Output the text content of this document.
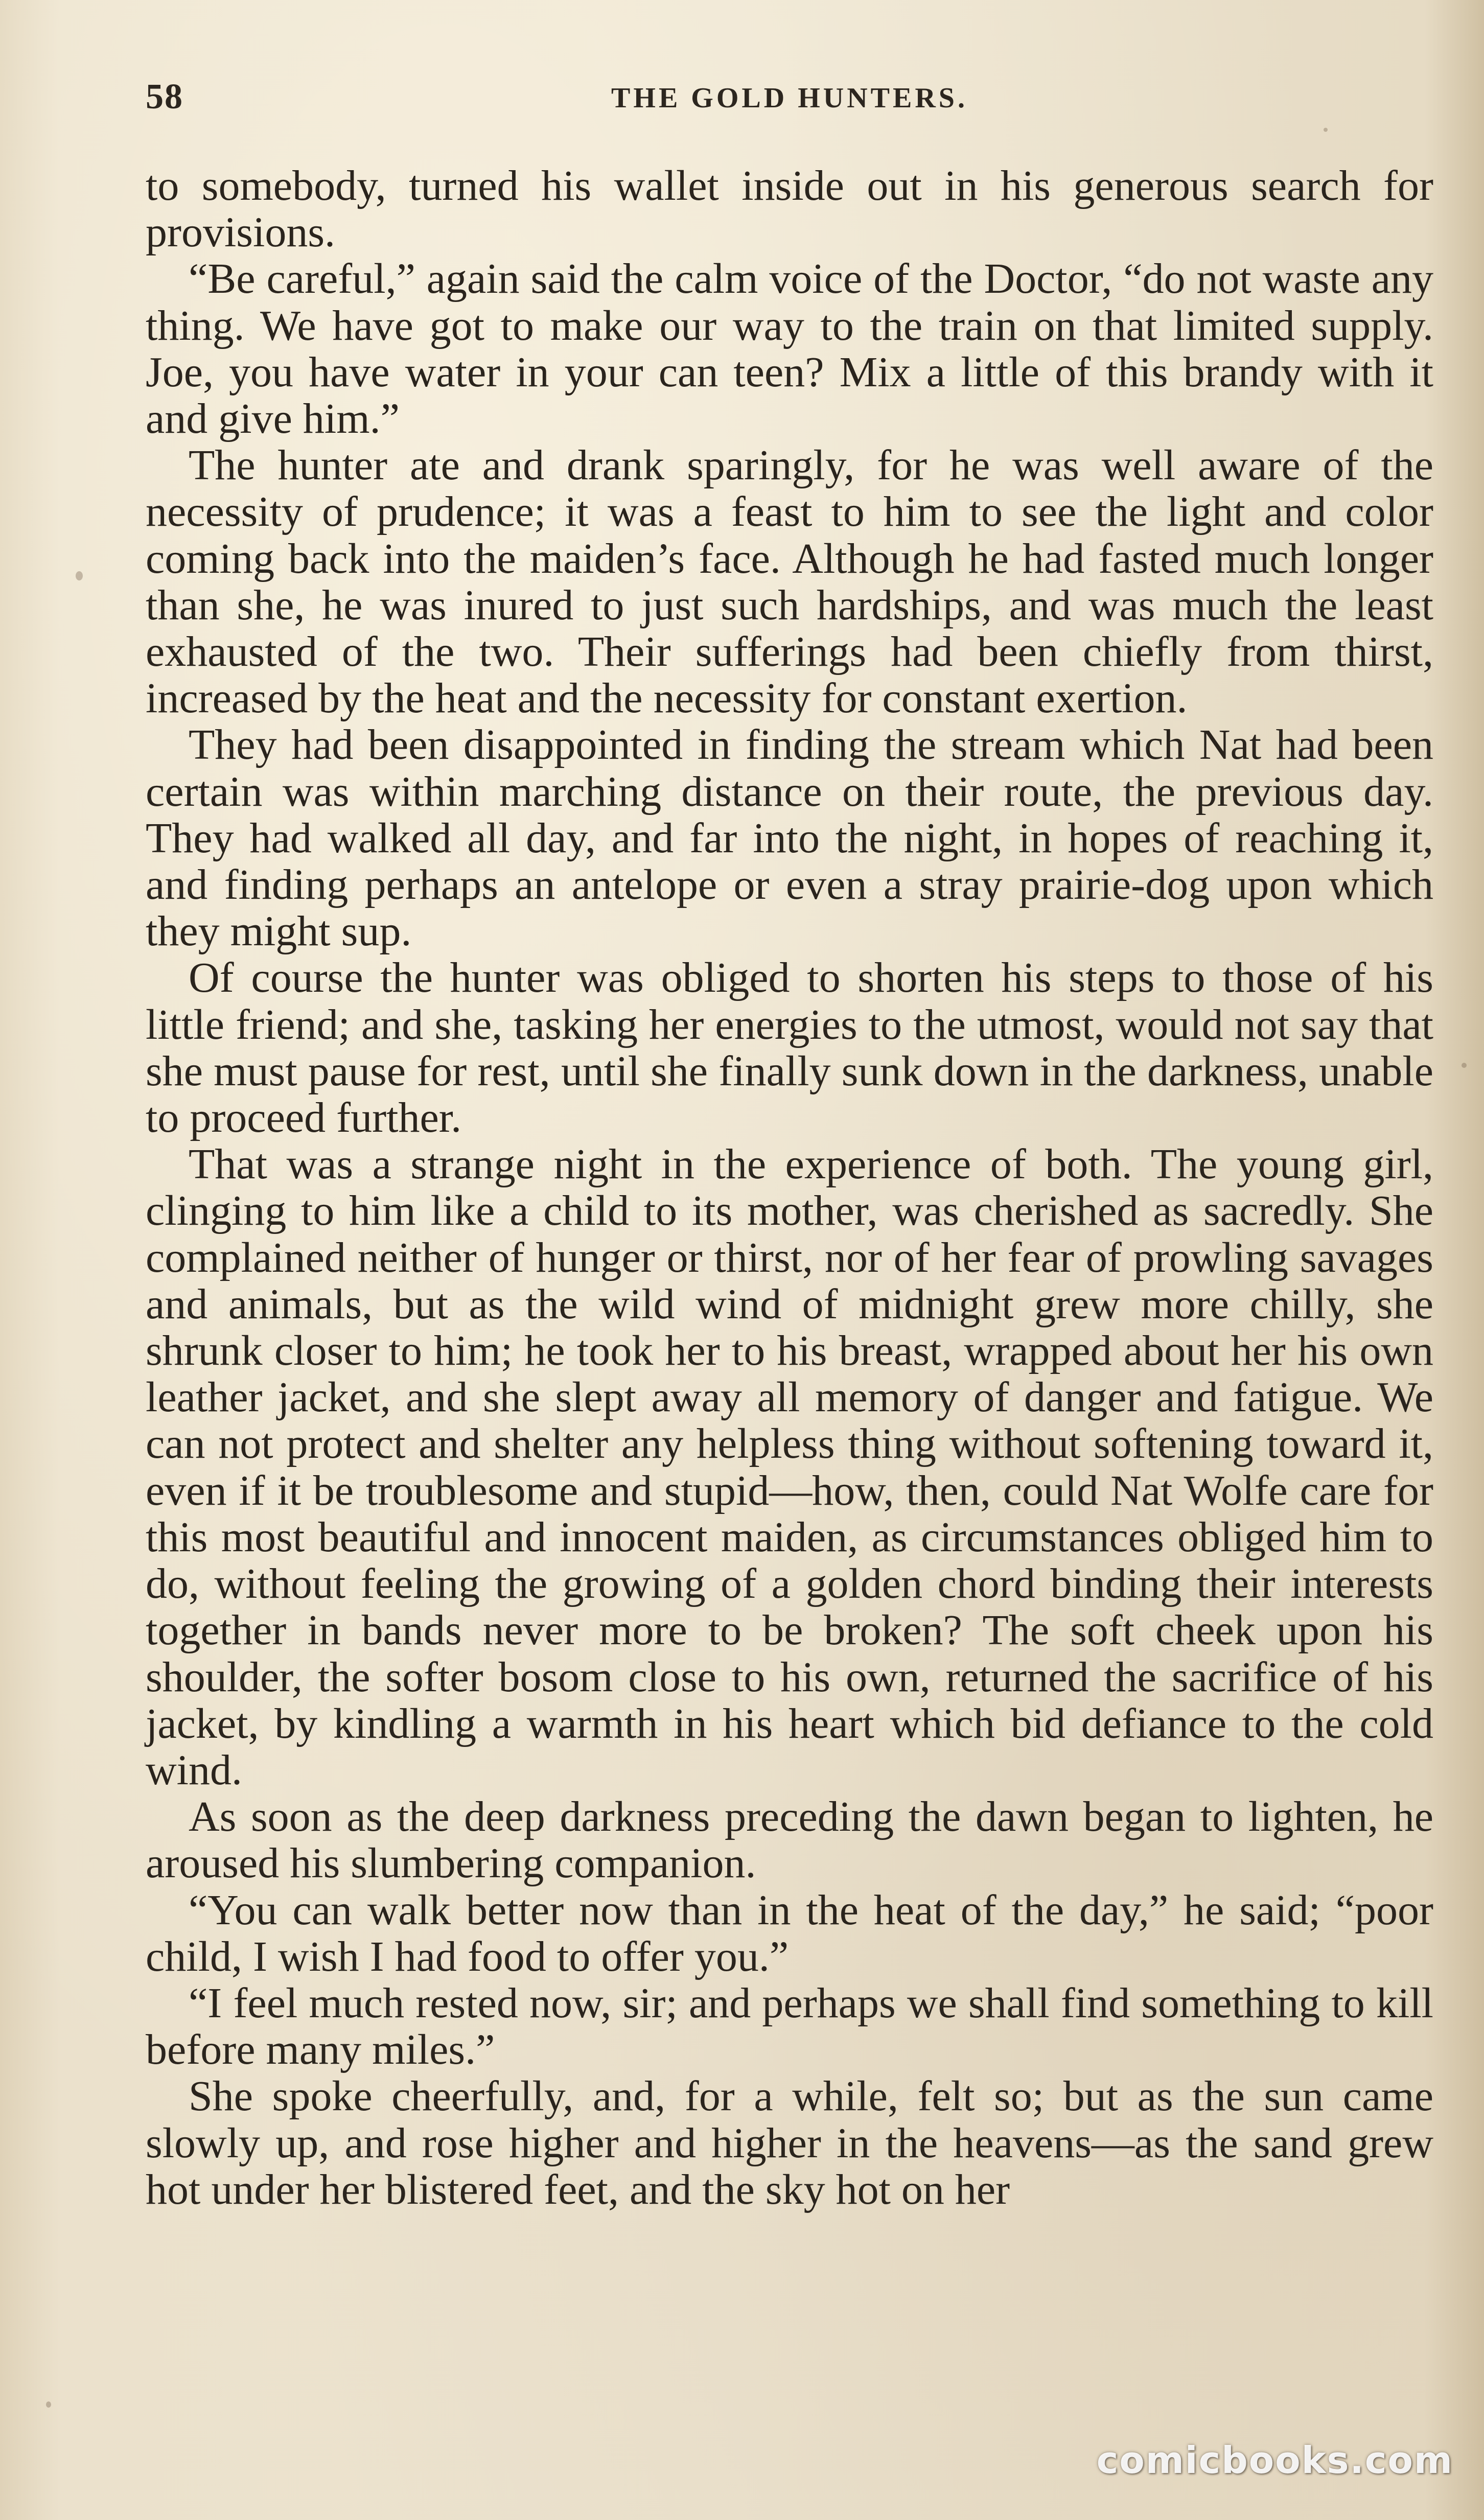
58	THE GOLD HUNTERS.

to somebody, turned his wallet inside out in his generous search for provisions.

“Be careful,” again said the calm voice of the Doctor, “do not waste any thing. We have got to make our way to the train on that limited supply. Joe, you have water in your can teen? Mix a little of this brandy with it and give him.”

The hunter ate and drank sparingly, for he was well aware of the necessity of prudence; it was a feast to him to see the light and color coming back into the maiden’s face. Although he had fasted much longer than she, he was inured to just such hardships, and was much the least exhausted of the two. Their sufferings had been chiefly from thirst, increased by the heat and the necessity for constant exertion.

They had been disappointed in finding the stream which Nat had been certain was within marching distance on their route, the previous day. They had walked all day, and far into the night, in hopes of reaching it, and finding perhaps an antelope or even a stray prairie-dog upon which they might sup.

Of course the hunter was obliged to shorten his steps to those of his little friend; and she, tasking her energies to the utmost, would not say that she must pause for rest, until she finally sunk down in the darkness, unable to proceed further.

That was a strange night in the experience of both. The young girl, clinging to him like a child to its mother, was cherished as sacredly. She complained neither of hunger or thirst, nor of her fear of prowling savages and animals, but as the wild wind of midnight grew more chilly, she shrunk closer to him; he took her to his breast, wrapped about her his own leather jacket, and she slept away all memory of danger and fatigue. We can not protect and shelter any helpless thing without softening toward it, even if it be troublesome and stupid—how, then, could Nat Wolfe care for this most beautiful and innocent maiden, as circumstances obliged him to do, without feeling the growing of a golden chord binding their interests together in bands never more to be broken? The soft cheek upon his shoulder, the softer bosom close to his own, returned the sacrifice of his jacket, by kindling a warmth in his heart which bid defiance to the cold wind.

As soon as the deep darkness preceding the dawn began to lighten, he aroused his slumbering companion.

“You can walk better now than in the heat of the day,” he said; “poor child, I wish I had food to offer you.”

“I feel much rested now, sir; and perhaps we shall find something to kill before many miles.”

She spoke cheerfully, and, for a while, felt so; but as the sun came slowly up, and rose higher and higher in the heavens—as the sand grew hot under her blistered feet, and the sky hot on her

comicbooks.com
